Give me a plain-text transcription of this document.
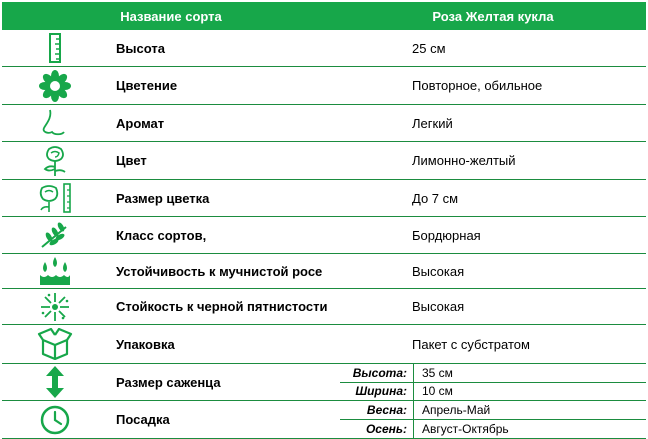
Название сорта	Роза Желтая кукла
Высота	25 см
Цветение	Повторное, обильное
Аромат	Легкий
Цвет	Лимонно-желтый
Размер цветка	До 7 см
Класс сортов,	Бордюрная
Устойчивость к мучнистой росе	Высокая
Стойкость к черной пятнистости	Высокая
Упаковка	Пакет с субстратом
Размер саженца
Высота:	35 см
Ширина:	10 см
Посадка
Весна:	Апрель-Май
Осень:	Август-Октябрь
